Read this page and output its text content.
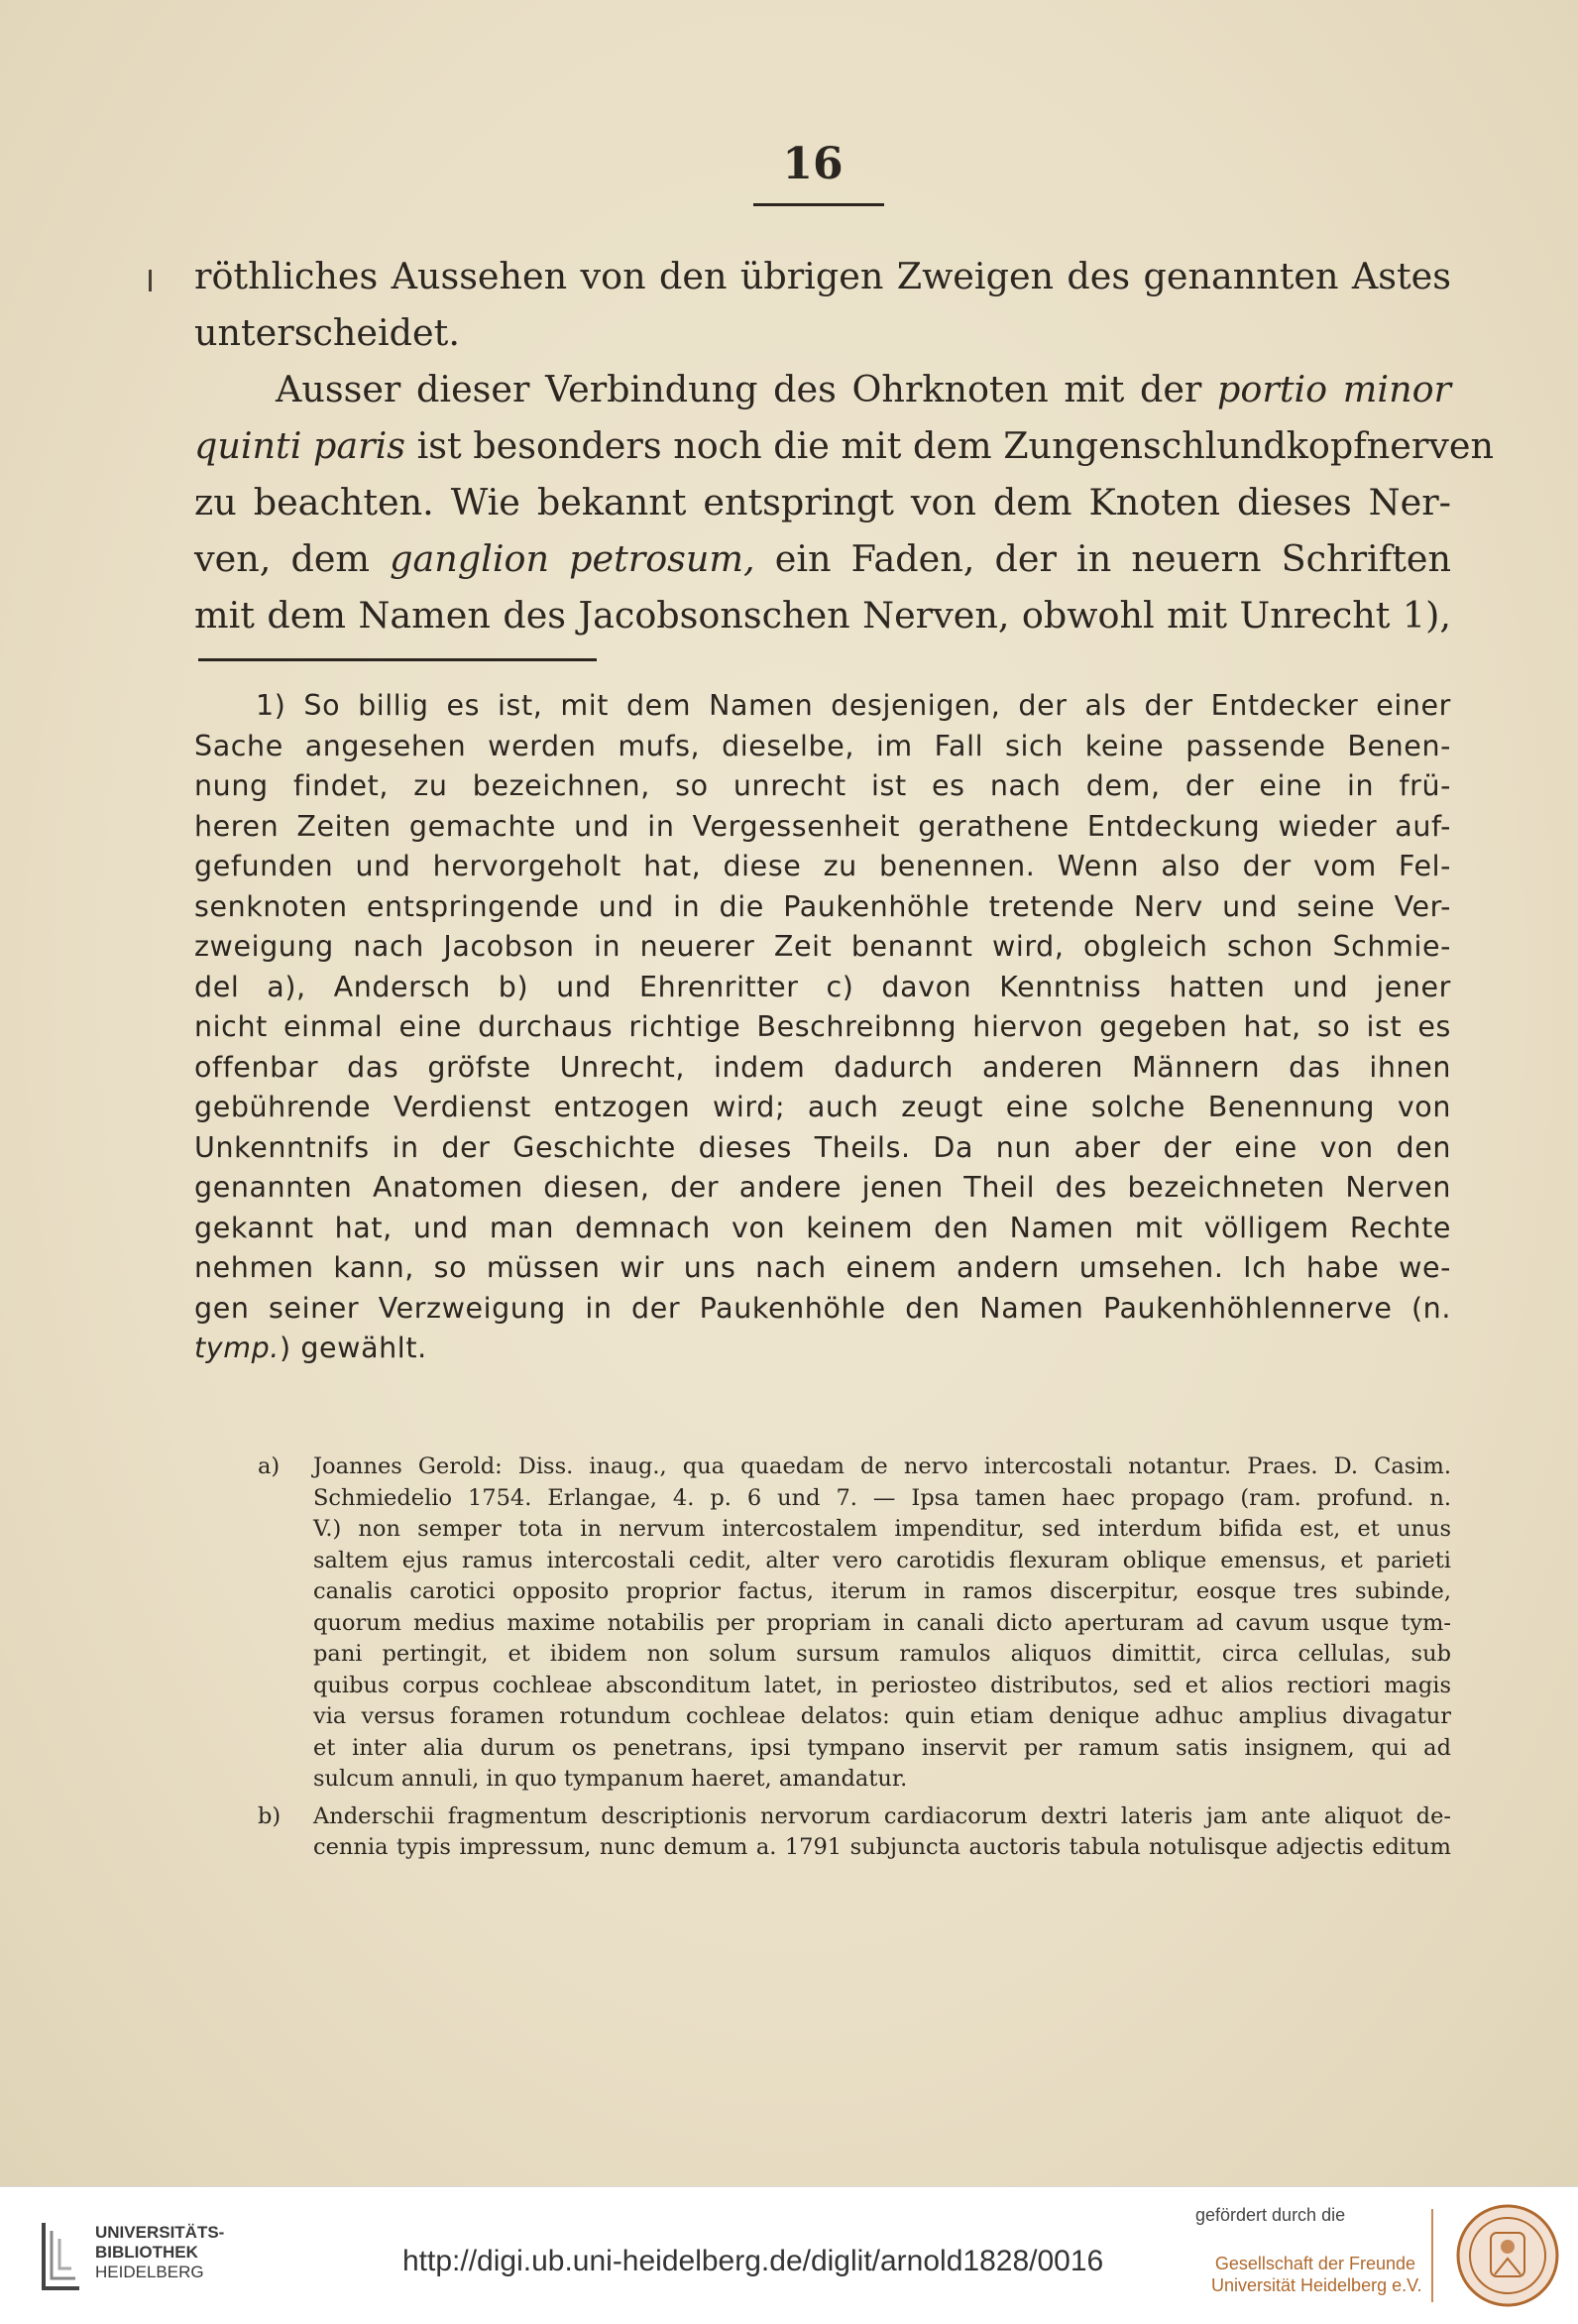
16
röthliches Aussehen von den übrigen Zweigen des genannten Astes
unterscheidet.
Ausser dieser Verbindung des Ohrknoten mit der portio minor
quinti paris ist besonders noch die mit dem Zungenschlundkopfnerven
zu beachten. Wie bekannt entspringt von dem Knoten dieses Ner-
ven, dem ganglion petrosum, ein Faden, der in neuern Schriften
mit dem Namen des Jacobsonschen Nerven, obwohl mit Unrecht 1),
1) So billig es ist, mit dem Namen desjenigen, der als der Entdecker einer
Sache angesehen werden mufs, dieselbe, im Fall sich keine passende Benen-
nung findet, zu bezeichnen, so unrecht ist es nach dem, der eine in frü-
heren Zeiten gemachte und in Vergessenheit gerathene Entdeckung wieder auf-
gefunden und hervorgeholt hat, diese zu benennen. Wenn also der vom Fel-
senknoten entspringende und in die Paukenhöhle tretende Nerv und seine Ver-
zweigung nach Jacobson in neuerer Zeit benannt wird, obgleich schon Schmie-
del a), Andersch b) und Ehrenritter c) davon Kenntniss hatten und jener
nicht einmal eine durchaus richtige Beschreibnng hiervon gegeben hat, so ist es
offenbar das gröfste Unrecht, indem dadurch anderen Männern das ihnen
gebührende Verdienst entzogen wird; auch zeugt eine solche Benennung von
Unkenntnifs in der Geschichte dieses Theils. Da nun aber der eine von den
genannten Anatomen diesen, der andere jenen Theil des bezeichneten Nerven
gekannt hat, und man demnach von keinem den Namen mit völligem Rechte
nehmen kann, so müssen wir uns nach einem andern umsehen. Ich habe we-
gen seiner Verzweigung in der Paukenhöhle den Namen Paukenhöhlennerve (n.
tymp.) gewählt.
a) Joannes Gerold: Diss. inaug., qua quaedam de nervo intercostali notantur. Praes. D. Casim.
Schmiedelio 1754. Erlangae, 4. p. 6 und 7. — Ipsa tamen haec propago (ram. profund. n.
V.) non semper tota in nervum intercostalem impenditur, sed interdum bifida est, et unus
saltem ejus ramus intercostali cedit, alter vero carotidis flexuram oblique emensus, et parieti
canalis carotici opposito proprior factus, iterum in ramos discerpitur, eosque tres subinde,
quorum medius maxime notabilis per propriam in canali dicto aperturam ad cavum usque tym-
pani pertingit, et ibidem non solum sursum ramulos aliquos dimittit, circa cellulas, sub
quibus corpus cochleae absconditum latet, in periosteo distributos, sed et alios rectiori magis
via versus foramen rotundum cochleae delatos: quin etiam denique adhuc amplius divagatur
et inter alia durum os penetrans, ipsi tympano inservit per ramum satis insignem, qui ad
sulcum annuli, in quo tympanum haeret, amandatur.
b) Anderschii fragmentum descriptionis nervorum cardiacorum dextri lateris jam ante aliquot de-
cennia typis impressum, nunc demum a. 1791 subjuncta auctoris tabula notulisque adjectis editum
UNIVERSITÄTS-
BIBLIOTHEK
HEIDELBERG	http://digi.ub.uni-heidelberg.de/diglit/arnold1828/0016
gefördert durch die
Gesellschaft der Freunde
Universität Heidelberg e.V.
